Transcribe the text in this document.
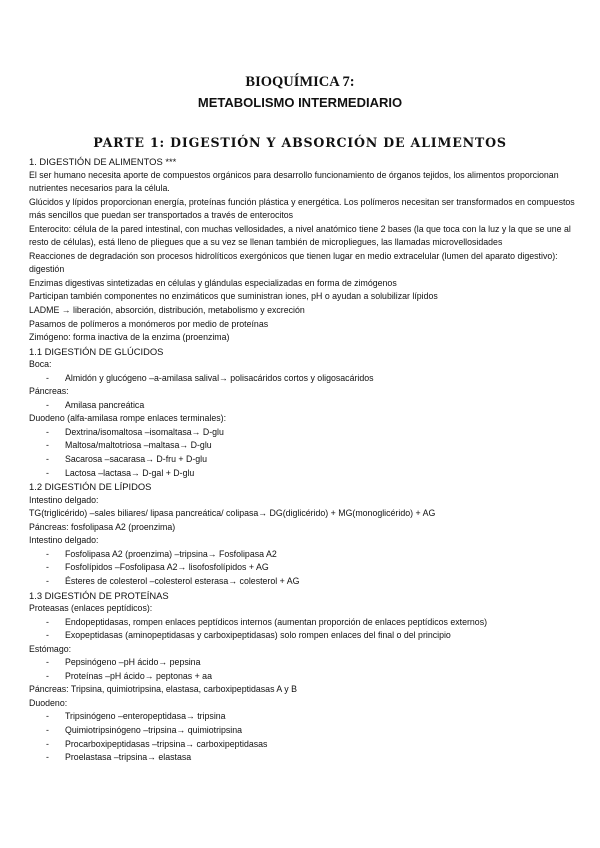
BIOQUÍMICA 7:
METABOLISMO INTERMEDIARIO
PARTE 1: DIGESTIÓN Y ABSORCIÓN DE ALIMENTOS
1. DIGESTIÓN DE ALIMENTOS ***
El ser humano necesita aporte de compuestos orgánicos para desarrollo funcionamiento de órganos tejidos, los alimentos proporcionan nutrientes necesarios para la célula.
Glúcidos y lípidos proporcionan energía, proteínas función plástica y energética. Los polímeros necesitan ser transformados en compuestos más sencillos que puedan ser transportados a través de enterocitos
Enterocito: célula de la pared intestinal, con muchas vellosidades, a nivel anatómico tiene 2 bases (la que toca con la luz y la que se une al resto de células), está lleno de pliegues que a su vez se llenan también de micropliegues, las llamadas microvellosidades
Reacciones de degradación son procesos hidrolíticos exergónicos que tienen lugar en medio extracelular (lumen del aparato digestivo): digestión
Enzimas digestivas sintetizadas en células y glándulas especializadas en forma de zimógenos
Participan también componentes no enzimáticos que suministran iones, pH o ayudan a solubilizar lípidos
LADME → liberación, absorción, distribución, metabolismo y excreción
Pasamos de polímeros a monómeros por medio de proteínas
Zimógeno: forma inactiva de la enzima (proenzima)
1.1 DIGESTIÓN DE GLÚCIDOS
Boca:
- Almidón y glucógeno –a-amilasa salival→ polisacáridos cortos y oligosacáridos
Páncreas:
- Amilasa pancreática
Duodeno (alfa-amilasa rompe enlaces terminales):
- Dextrina/isomaltosa –isomaltasa→ D-glu
- Maltosa/maltotriosa –maltasa→ D-glu
- Sacarosa –sacarasa→ D-fru + D-glu
- Lactosa –lactasa→ D-gal + D-glu
1.2 DIGESTIÓN DE LÍPIDOS
Intestino delgado:
TG(triglicérido) –sales biliares/ lipasa pancreática/ colipasa→ DG(diglicérido) + MG(monoglicérido) + AG
Páncreas: fosfolipasa A2 (proenzima)
Intestino delgado:
- Fosfolipasa A2 (proenzima) –tripsina→ Fosfolipasa A2
- Fosfolípidos –Fosfolipasa A2→ lisofosfolípidos + AG
- Ésteres de colesterol –colesterol esterasa→ colesterol + AG
1.3 DIGESTIÓN DE PROTEÍNAS
Proteasas (enlaces peptídicos):
- Endopeptidasas, rompen enlaces peptídicos internos (aumentan proporción de enlaces peptídicos externos)
- Exopeptidasas (aminopeptidasas y carboxipeptidasas) solo rompen enlaces del final o del principio
Estómago:
- Pepsinógeno –pH ácido→ pepsina
- Proteínas –pH ácido→ peptonas + aa
Páncreas: Tripsina, quimiotripsina, elastasa, carboxipeptidasas A y B
Duodeno:
- Tripsinógeno –enteropeptidasa→ tripsina
- Quimiotripsinógeno –tripsina→ quimiotripsina
- Procarboxipeptidasas –tripsina→ carboxipeptidasas
- Proelastasa –tripsina→ elastasa
